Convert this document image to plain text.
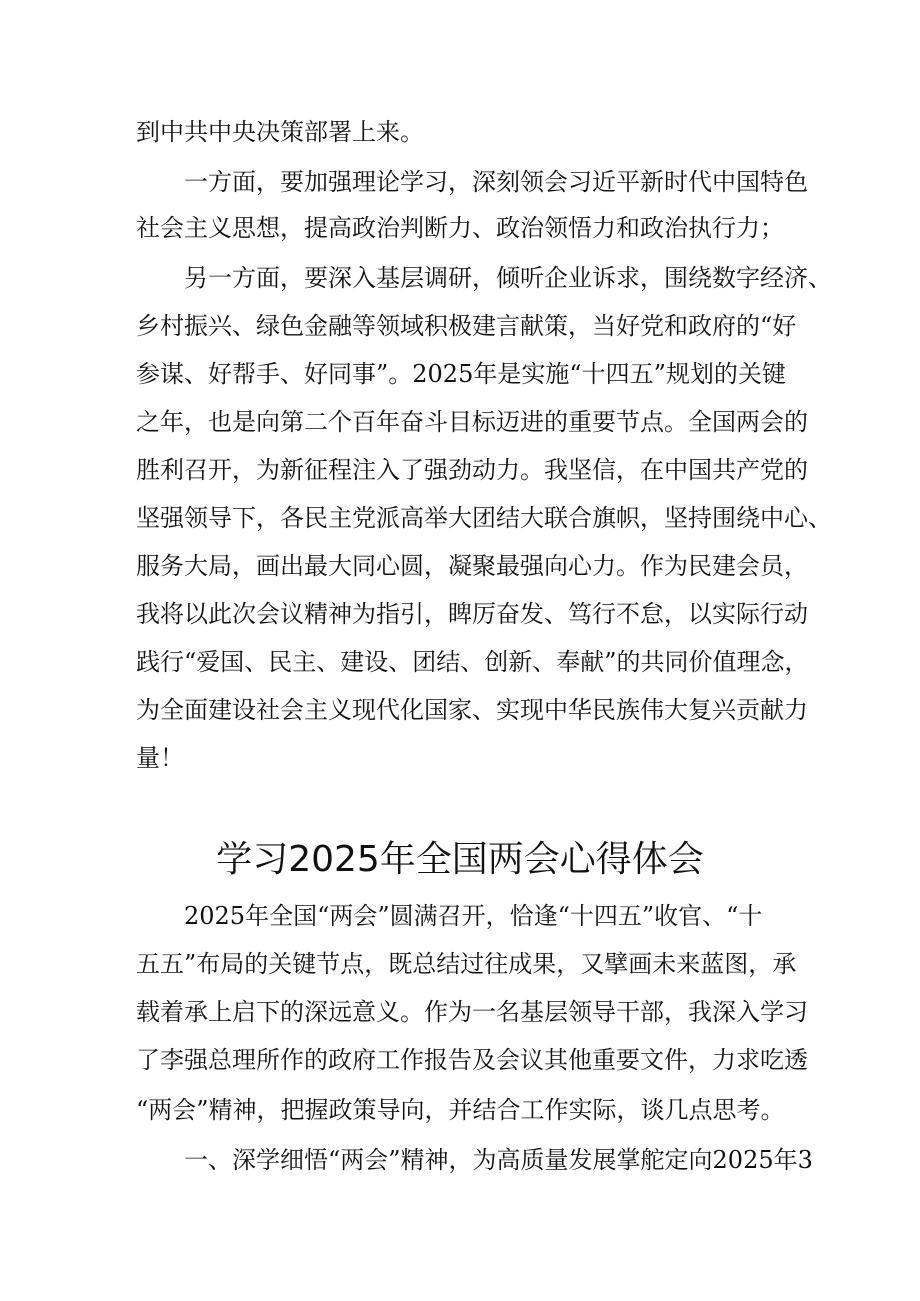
到中共中央决策部署上来。
一方面，要加强理论学习，深刻领会习近平新时代中国特色
社会主义思想，提高政治判断力、政治领悟力和政治执行力；
另一方面，要深入基层调研，倾听企业诉求，围绕数字经济、
乡村振兴、绿色金融等领域积极建言献策，当好党和政府的“好
参谋、好帮手、好同事”。2025年是实施“十四五”规划的关键
之年，也是向第二个百年奋斗目标迈进的重要节点。全国两会的
胜利召开，为新征程注入了强劲动力。我坚信，在中国共产党的
坚强领导下，各民主党派高举大团结大联合旗帜，坚持围绕中心、
服务大局，画出最大同心圆，凝聚最强向心力。作为民建会员，
我将以此次会议精神为指引，睥厉奋发、笃行不怠，以实际行动
践行“爱国、民主、建设、团结、创新、奉献”的共同价值理念，
为全面建设社会主义现代化国家、实现中华民族伟大复兴贡献力
量！
学习2025年全国两会心得体会
2025年全国“两会”圆满召开，恰逢“十四五”收官、“十
五五”布局的关键节点，既总结过往成果，又擘画未来蓝图，承
载着承上启下的深远意义。作为一名基层领导干部，我深入学习
了李强总理所作的政府工作报告及会议其他重要文件，力求吃透
“两会”精神，把握政策导向，并结合工作实际，谈几点思考。
一、深学细悟“两会”精神，为高质量发展掌舵定向2025年3
